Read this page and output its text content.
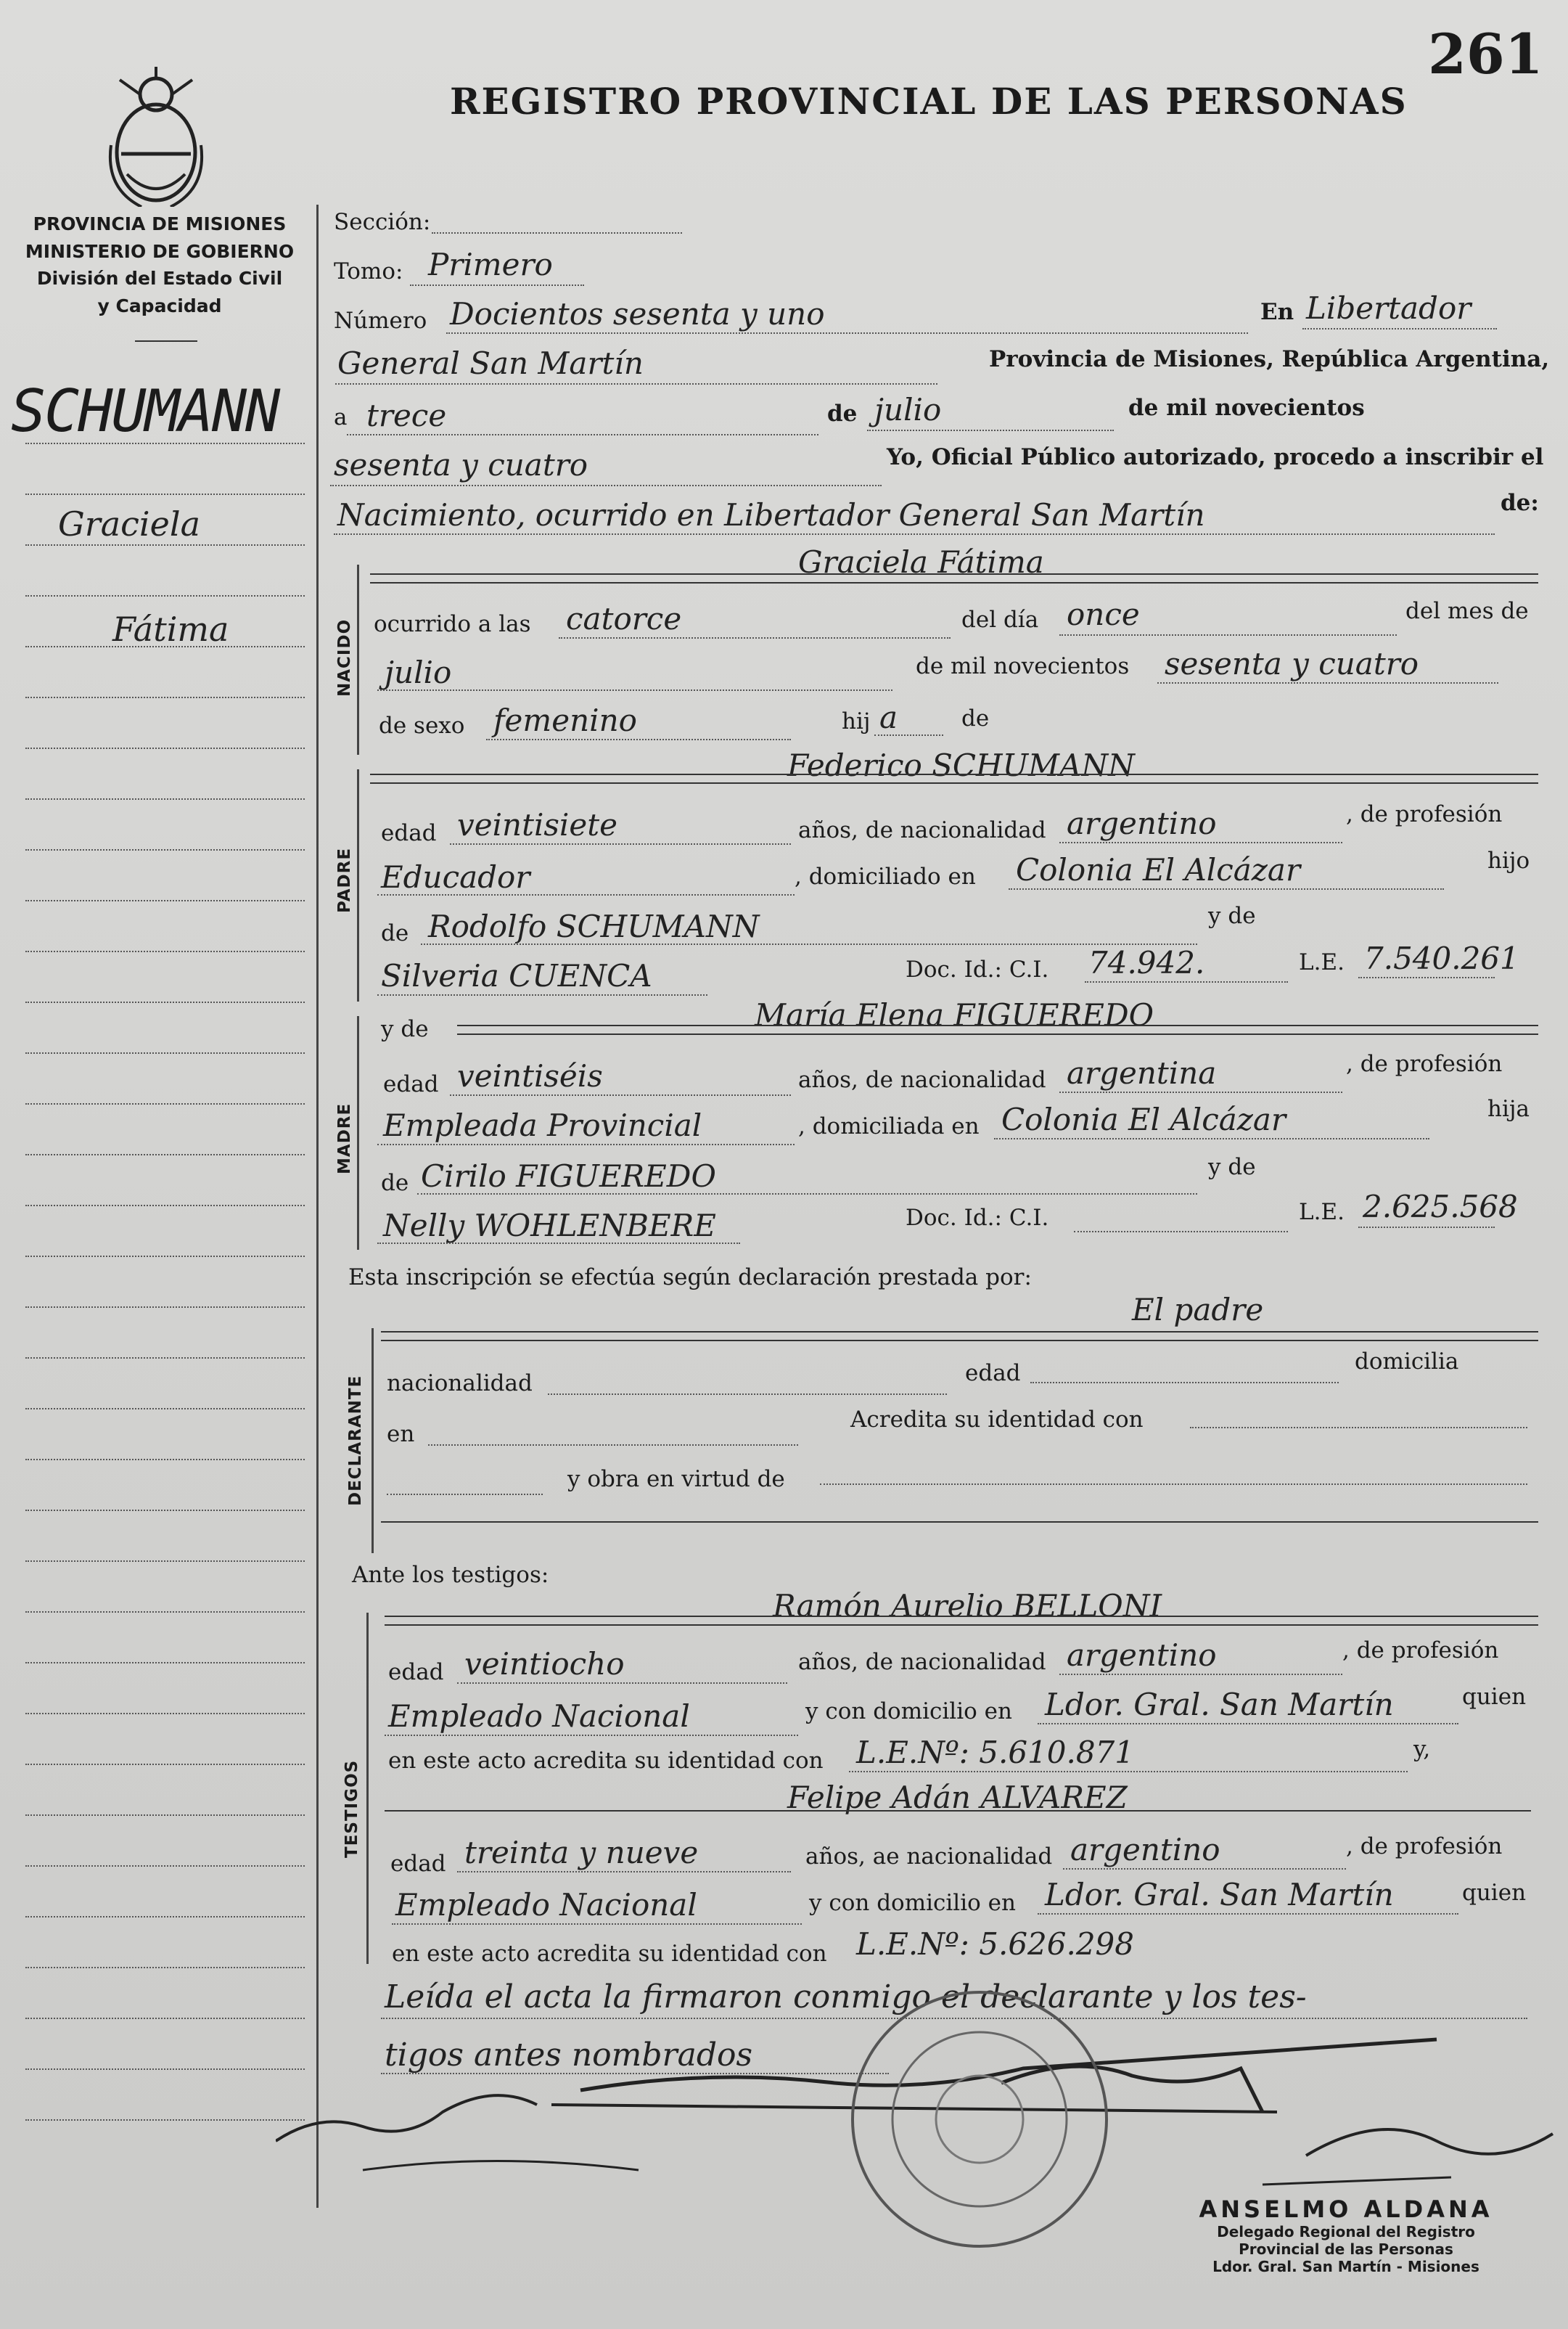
REGISTRO PROVINCIAL DE LAS PERSONAS
261
PROVINCIA DE MISIONES
MINISTERIO DE GOBIERNO
División del Estado Civil
y Capacidad
SCHUMANN
Graciela
Fátima
Sección:
Tomo: Primero
Número Docientos sesenta y uno	En Libertador
General San Martín	Provincia de Misiones, República Argentina,
a trece	de julio	de mil novecientos
sesenta y cuatro	Yo, Oficial Público autorizado, procedo a inscribir el
Nacimiento, ocurrido en Libertador General San Martín	de:
Graciela Fátima
ocurrido a las catorce	del día once	del mes de
julio	de mil novecientos sesenta y cuatro
de sexo femenino	hij a	de
NACIDO
Federico SCHUMANN
edad veintisiete	años, de nacionalidad argentino	, de profesión
Educador	, domiciliado en Colonia El Alcázar	hijo
de Rodolfo SCHUMANN	y de
Silveria CUENCA	Doc. Id.: C.I. 74.942.	L.E. 7.540.261
PADRE
y de	María Elena FIGUEREDO
edad veintiséis	años, de nacionalidad argentina	, de profesión
Empleada Provincial	, domiciliada en Colonia El Alcázar	hija
de Cirilo FIGUEREDO	y de
Nelly WOHLENBERE	Doc. Id.: C.I.	L.E. 2.625.568
MADRE
Esta inscripción se efectúa según declaración prestada por:
El padre
nacionalidad	edad	domicilia
en
Acredita su identidad con
y obra en virtud de
DECLARANTE
Ante los testigos:
Ramón Aurelio BELLONI
edad veintiocho	años, de nacionalidad argentino	, de profesión
Empleado Nacional	y con domicilio en Ldor. Gral. San Martín	quien
en este acto acredita su identidad con L.E.Nº: 5.610.871	y,
Felipe Adán ALVAREZ
edad treinta y nueve	años, ae nacionalidad argentino	, de profesión
Empleado Nacional	y con domicilio en Ldor. Gral. San Martín	quien
en este acto acredita su identidad con L.E.Nº: 5.626.298
TESTIGOS
Leída el acta la firmaron conmigo el declarante y los tes-
tigos antes nombrados
ANSELMO ALDANA
Delegado Regional del Registro
Provincial de las Personas
Ldor. Gral. San Martín - Misiones
